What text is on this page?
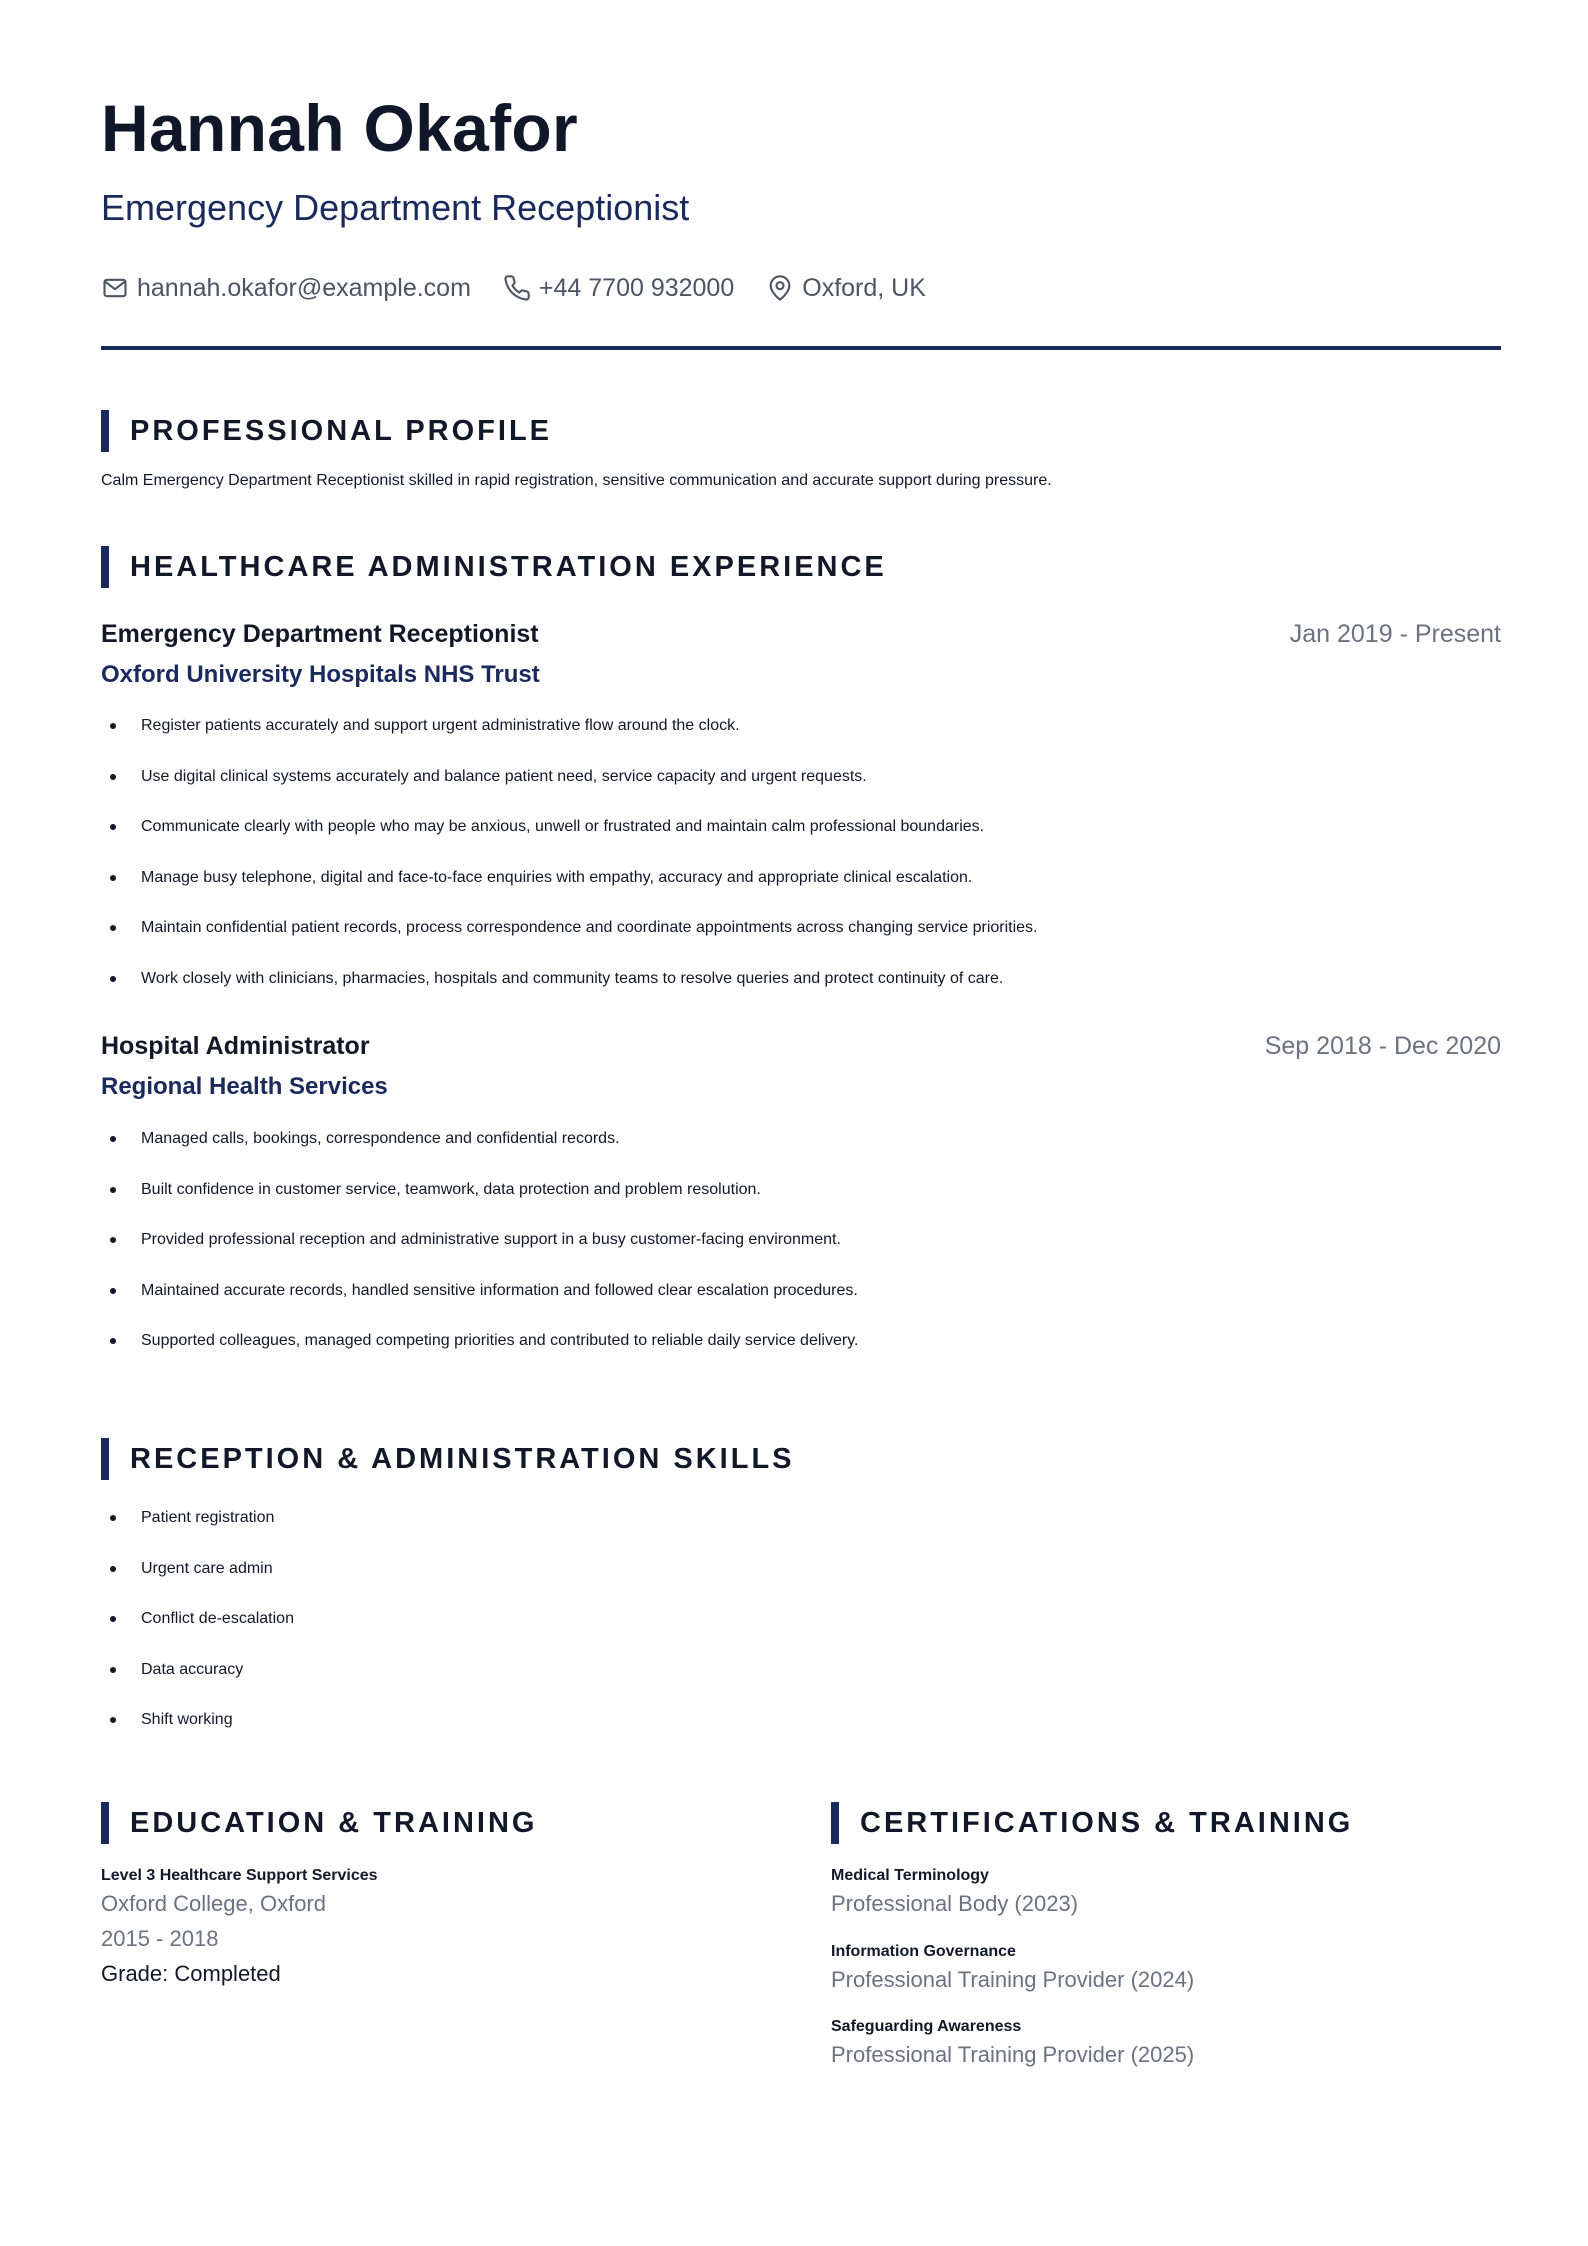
Hannah Okafor
Emergency Department Receptionist
hannah.okafor@example.com	+44 7700 932000	Oxford, UK
PROFESSIONAL PROFILE
Calm Emergency Department Receptionist skilled in rapid registration, sensitive communication and accurate support during pressure.
HEALTHCARE ADMINISTRATION EXPERIENCE
Emergency Department Receptionist	Jan 2019 - Present
Oxford University Hospitals NHS Trust
Register patients accurately and support urgent administrative flow around the clock.
Use digital clinical systems accurately and balance patient need, service capacity and urgent requests.
Communicate clearly with people who may be anxious, unwell or frustrated and maintain calm professional boundaries.
Manage busy telephone, digital and face-to-face enquiries with empathy, accuracy and appropriate clinical escalation.
Maintain confidential patient records, process correspondence and coordinate appointments across changing service priorities.
Work closely with clinicians, pharmacies, hospitals and community teams to resolve queries and protect continuity of care.
Hospital Administrator	Sep 2018 - Dec 2020
Regional Health Services
Managed calls, bookings, correspondence and confidential records.
Built confidence in customer service, teamwork, data protection and problem resolution.
Provided professional reception and administrative support in a busy customer-facing environment.
Maintained accurate records, handled sensitive information and followed clear escalation procedures.
Supported colleagues, managed competing priorities and contributed to reliable daily service delivery.
RECEPTION & ADMINISTRATION SKILLS
Patient registration
Urgent care admin
Conflict de-escalation
Data accuracy
Shift working
EDUCATION & TRAINING
Level 3 Healthcare Support Services
Oxford College, Oxford
2015 - 2018
Grade: Completed
CERTIFICATIONS & TRAINING
Medical Terminology
Professional Body (2023)
Information Governance
Professional Training Provider (2024)
Safeguarding Awareness
Professional Training Provider (2025)
